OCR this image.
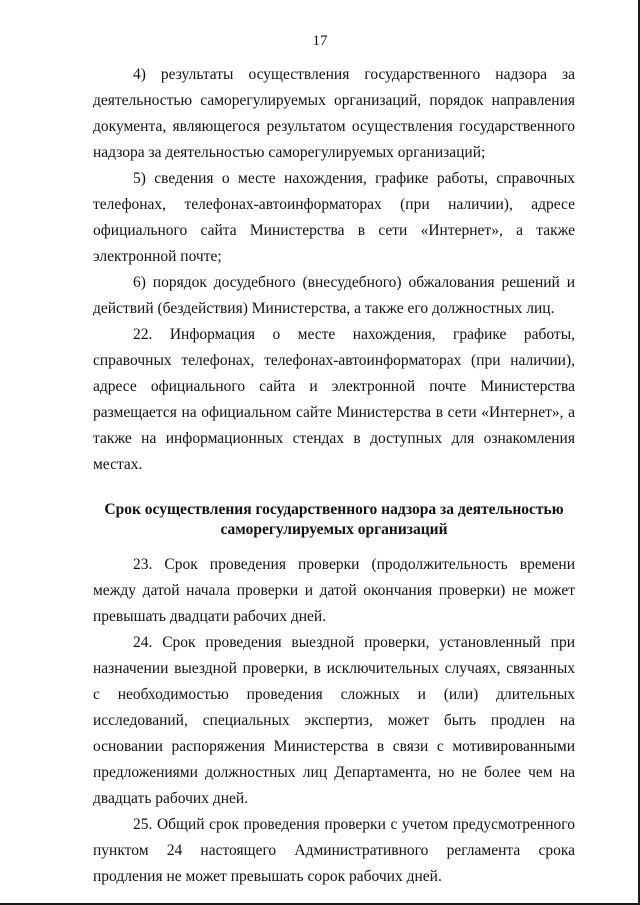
17

4) результаты осуществления государственного надзора за деятельностью саморегулируемых организаций, порядок направления документа, являющегося результатом осуществления государственного надзора за деятельностью саморегулируемых организаций;

5) сведения о месте нахождения, графике работы, справочных телефонах, телефонах-автоинформаторах (при наличии), адресе официального сайта Министерства в сети «Интернет», а также электронной почте;

6) порядок досудебного (внесудебного) обжалования решений и действий (бездействия) Министерства, а также его должностных лиц.

22. Информация о месте нахождения, графике работы, справочных телефонах, телефонах-автоинформаторах (при наличии), адресе официального сайта и электронной почте Министерства размещается на официальном сайте Министерства в сети «Интернет», а также на информационных стендах в доступных для ознакомления местах.

Срок осуществления государственного надзора за деятельностью саморегулируемых организаций

23. Срок проведения проверки (продолжительность времени между датой начала проверки и датой окончания проверки) не может превышать двадцати рабочих дней.

24. Срок проведения выездной проверки, установленный при назначении выездной проверки, в исключительных случаях, связанных с необходимостью проведения сложных и (или) длительных исследований, специальных экспертиз, может быть продлен на основании распоряжения Министерства в связи с мотивированными предложениями должностных лиц Департамента, но не более чем на двадцать рабочих дней.

25. Общий срок проведения проверки с учетом предусмотренного пунктом 24 настоящего Административного регламента срока продления не может превышать сорок рабочих дней.
